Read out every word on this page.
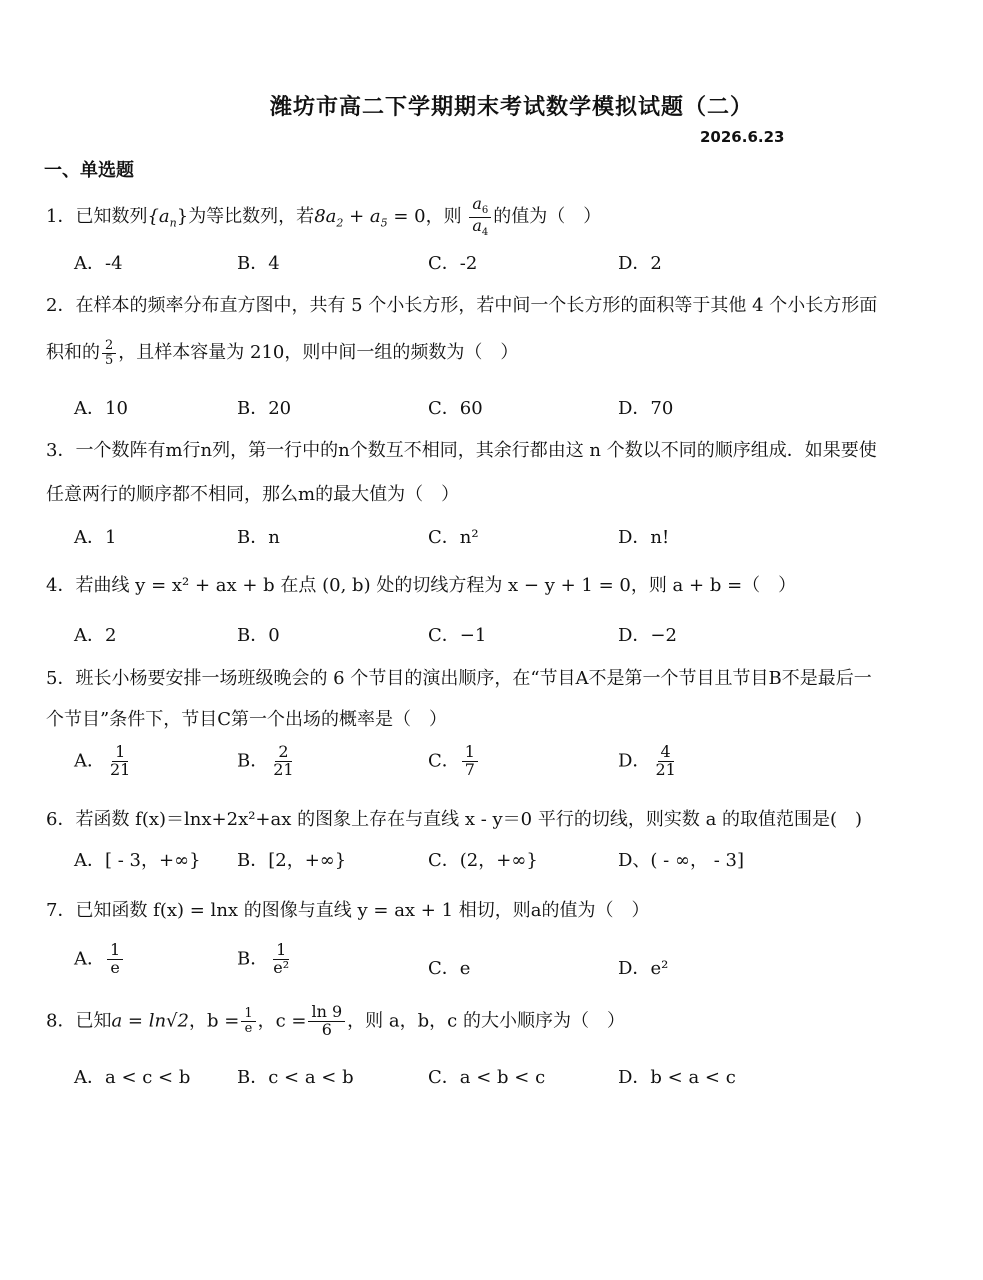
潍坊市高二下学期期末考试数学模拟试题（二）
2026.6.23
一、单选题
1．已知数列$\{a_n\}$为等比数列，若$8a_2 + a_5 = 0$，则 $\frac{a_6}{a_4}$ 的值为（　）
A．-4	B．4	C．-2	D．2
2．在样本的频率分布直方图中，共有 5 个小长方形，若中间一个长方形的面积等于其他 4 个小长方形面
积和的 $\frac{2}{5}$ ，且样本容量为 210，则中间一组的频数为（　）
A．10	B．20	C．60	D．70
3．一个数阵有m行n列，第一行中的n个数互不相同，其余行都由这 n 个数以不同的顺序组成．如果要使
任意两行的顺序都不相同，那么m的最大值为（　）
A．1	B．n	C．n²	D．n!
4．若曲线 y = x² + ax + b 在点 (0, b) 处的切线方程为 x − y + 1 = 0，则 a + b =（　）
A．2	B．0	C．−1	D．−2
5．班长小杨要安排一场班级晚会的 6 个节目的演出顺序，在“节目A不是第一个节目且节目B不是最后一
个节目”条件下，节目C第一个出场的概率是（　）
A． $\frac{1}{21}$	B． $\frac{2}{21}$	C． $\frac{1}{7}$	D． $\frac{4}{21}$
6．若函数 f(x)＝lnx+2x²+ax 的图象上存在与直线 x - y＝0 平行的切线，则实数 a 的取值范围是(　)
A．[ - 3，+∞} B．[2，+∞}	C．(2，+∞}	D、( - ∞， - 3]
7．已知函数 f(x) = lnx 的图像与直线 y = ax + 1 相切，则a的值为（　）
A． $\frac{1}{e}$	B． $\frac{1}{\text{e²}}$	C．e	D．e²
8．已知a = ln√2，$b = \frac{1}{e}$ ，$c = \frac{\ln 9}{6}$ ，则 a，b，c 的大小顺序为（　）
A．a < c < b	B．c < a < b	C．a < b < c	D．b < a < c
